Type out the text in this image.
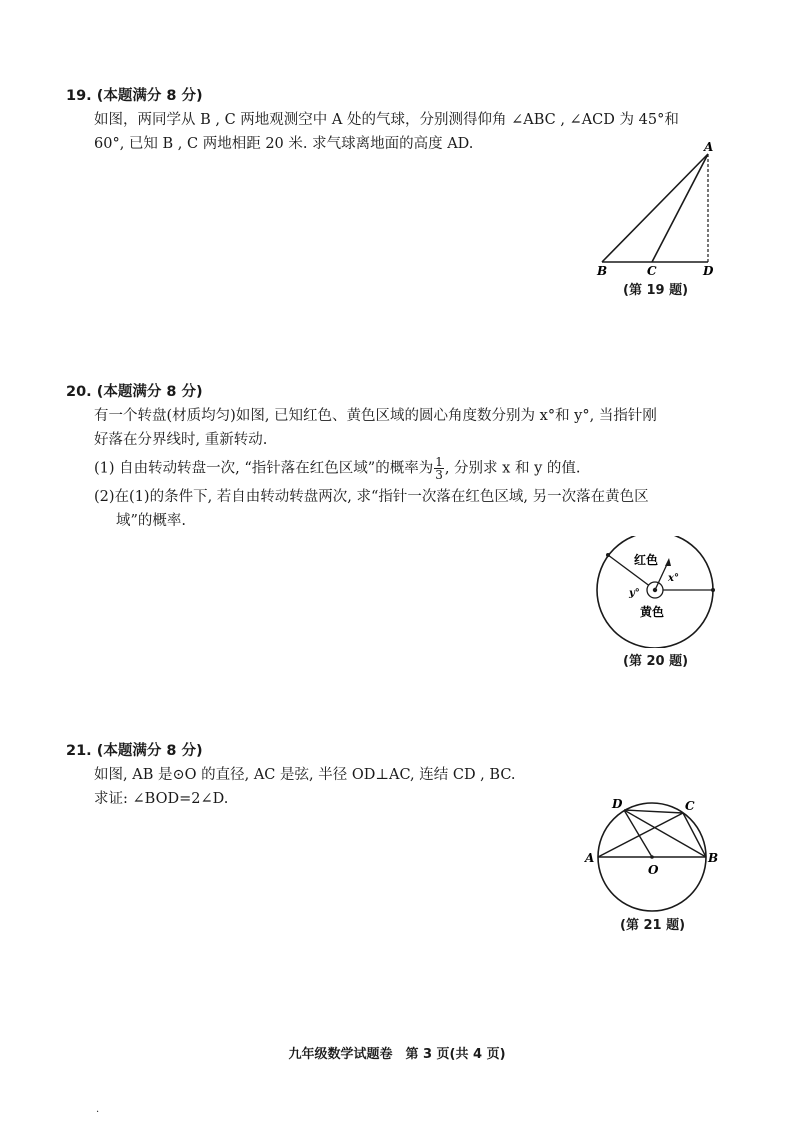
19. (本题满分 8 分)
如图，两同学从 B , C 两地观测空中 A 处的气球，分别测得仰角 ∠ABC , ∠ACD 为 45°和
60°, 已知 B , C 两地相距 20 米. 求气球离地面的高度 AD.	A
B	C	D
(第 19 题)
20. (本题满分 8 分)
有一个转盘(材质均匀)如图, 已知红色、黄色区域的圆心角度数分别为 x°和 y°, 当指针刚
好落在分界线时, 重新转动.
(1) 自由转动转盘一次, “指针落在红色区域”的概率为 $\frac{1}{3}$ , 分别求 x 和 y 的值.
(2)在(1)的条件下, 若自由转动转盘两次, 求“指针一次落在红色区域, 另一次落在黄色区
域”的概率.
红色
黄色
x°
y°
(第 20 题)
21. (本题满分 8 分)
如图, AB 是⊙O 的直径, AC 是弦, 半径 OD⊥AC, 连结 CD , BC.
求证: ∠BOD=2∠D.
A	B
C
D
O
(第 21 题)
九年级数学试题卷　第 3 页(共 4 页)
.
